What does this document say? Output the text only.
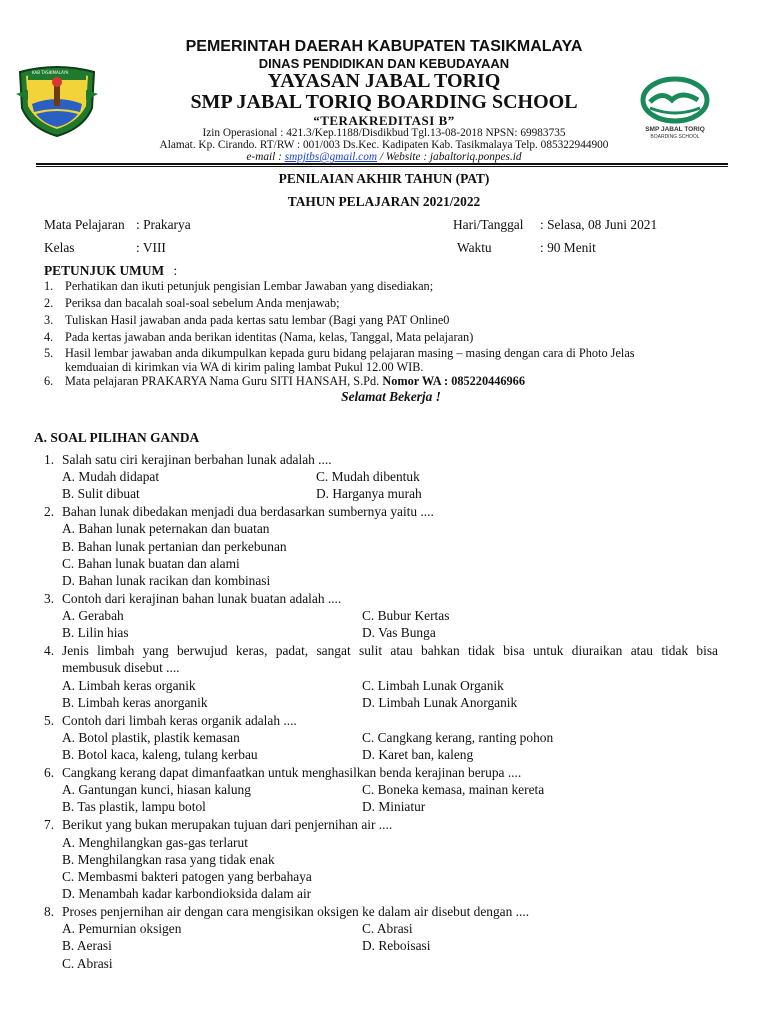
KAB TASIKMALAYA
SMP JABAL TORIQ
BOARDING SCHOOL
PEMERINTAH DAERAH KABUPATEN TASIKMALAYA
DINAS PENDIDIKAN DAN KEBUDAYAAN
YAYASAN JABAL TORIQ
SMP JABAL TORIQ BOARDING SCHOOL
“TERAKREDITASI B”
Izin Operasional : 421.3/Kep.1188/Disdikbud Tgl.13-08-2018 NPSN: 69983735
Alamat. Kp. Cirando. RT/RW : 001/003 Ds.Kec. Kadipaten Kab. Tasikmalaya Telp. 085322944900
e-mail : smpjtbs@gmail.com / Website : jabaltoriq.ponpes.id
PENILAIAN AKHIR TAHUN (PAT)
TAHUN PELAJARAN 2021/2022
Mata Pelajaran : Prakarya
Kelas	: VIII
Hari/Tanggal : Selasa, 08 Juni 2021
Waktu	: 90 Menit
PETUNJUK UMUM :
1. Perhatikan dan ikuti petunjuk pengisian Lembar Jawaban yang disediakan;
2. Periksa dan bacalah soal-soal sebelum Anda menjawab;
3. Tuliskan Hasil jawaban anda pada kertas satu lembar (Bagi yang PAT Online0
4. Pada kertas jawaban anda berikan identitas (Nama, kelas, Tanggal, Mata pelajaran)
5. Hasil lembar jawaban anda dikumpulkan kepada guru bidang pelajaran masing – masing dengan cara di Photo Jelas
kemduaian di kirimkan via WA di kirim paling lambat Pukul 12.00 WIB.
6. Mata pelajaran PRAKARYA Nama Guru SITI HANSAH, S.Pd. Nomor WA : 085220446966
Selamat Bekerja !
A. SOAL PILIHAN GANDA
1. Salah satu ciri kerajinan berbahan lunak adalah ....
A. Mudah didapat
B. Sulit dibuat
C. Mudah dibentuk
D. Harganya murah
2. Bahan lunak dibedakan menjadi dua berdasarkan sumbernya yaitu ....
A. Bahan lunak peternakan dan buatan
B. Bahan lunak pertanian dan perkebunan
C. Bahan lunak buatan dan alami
D. Bahan lunak racikan dan kombinasi
3. Contoh dari kerajinan bahan lunak buatan adalah ....
A. Gerabah
B. Lilin hias
C. Bubur Kertas
D. Vas Bunga
4. Jenis limbah yang berwujud keras, padat, sangat sulit atau bahkan tidak bisa untuk diuraikan atau tidak bisa
membusuk disebut ....
A. Limbah keras organik
B. Limbah keras anorganik
C. Limbah Lunak Organik
D. Limbah Lunak Anorganik
5. Contoh dari limbah keras organik adalah ....
A. Botol plastik, plastik kemasan
B. Botol kaca, kaleng, tulang kerbau
C. Cangkang kerang, ranting pohon
D. Karet ban, kaleng
6. Cangkang kerang dapat dimanfaatkan untuk menghasilkan benda kerajinan berupa ....
A. Gantungan kunci, hiasan kalung
B. Tas plastik, lampu botol
C. Boneka kemasa, mainan kereta
D. Miniatur
7. Berikut yang bukan merupakan tujuan dari penjernihan air ....
A. Menghilangkan gas-gas terlarut
B. Menghilangkan rasa yang tidak enak
C. Membasmi bakteri patogen yang berbahaya
D. Menambah kadar karbondioksida dalam air
8. Proses penjernihan air dengan cara mengisikan oksigen ke dalam air disebut dengan ....
A. Pemurnian oksigen
B. Aerasi
C. Abrasi
D. Reboisasi
C. Abrasi
